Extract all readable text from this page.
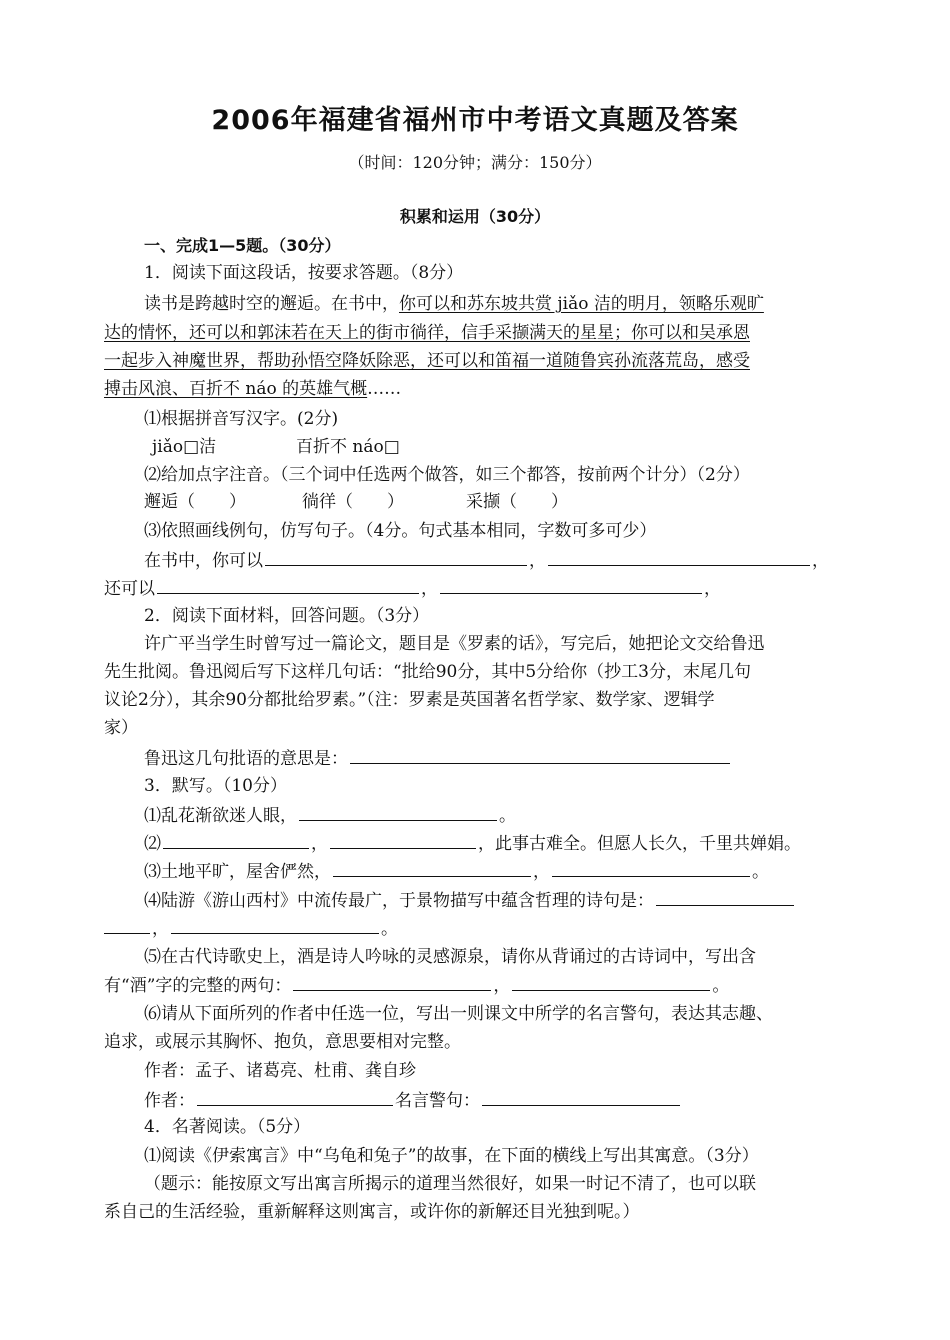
2006年福建省福州市中考语文真题及答案
（时间：120分钟；满分：150分）
积累和运用（30分）
一、完成1—5题。（30分）
1．阅读下面这段话，按要求答题。（8分）
读书是跨越时空的邂逅。在书中，你可以和苏东坡共赏 jiǎo 洁的明月，领略乐观旷
达的情怀，还可以和郭沫若在天上的街市徜徉，信手采撷满天的星星；你可以和吴承恩
一起步入神魔世界，帮助孙悟空降妖除恶，还可以和笛福一道随鲁宾孙流落荒岛，感受
搏击风浪、百折不 náo 的英雄气概……
⑴根据拼音写汉字。(2分)
jiǎo□洁	百折不 náo□
⑵给加点字注音。（三个词中任选两个做答，如三个都答，按前两个计分）（2分）
邂逅（　　）	徜徉（　　）	采撷（　　）
⑶依照画线例句，仿写句子。（4分。句式基本相同，字数可多可少）
在书中，你可以	，	，
还可以	，	，
2．阅读下面材料，回答问题。（3分）
许广平当学生时曾写过一篇论文，题目是《罗素的话》，写完后，她把论文交给鲁迅
先生批阅。鲁迅阅后写下这样几句话：“批给90分，其中5分给你（抄工3分，末尾几句
议论2分），其余90分都批给罗素。”（注：罗素是英国著名哲学家、数学家、逻辑学
家）
鲁迅这几句批语的意思是：
3．默写。（10分）
⑴乱花渐欲迷人眼，	。
⑵	，	，此事古难全。但愿人长久，千里共婵娟。
⑶土地平旷，屋舍俨然，	，	。
⑷陆游《游山西村》中流传最广，于景物描写中蕴含哲理的诗句是：
，	。
⑸在古代诗歌史上，酒是诗人吟咏的灵感源泉，请你从背诵过的古诗词中，写出含
有“酒”字的完整的两句：	，	。
⑹请从下面所列的作者中任选一位，写出一则课文中所学的名言警句，表达其志趣、
追求，或展示其胸怀、抱负，意思要相对完整。
作者：孟子、诸葛亮、杜甫、龚自珍
作者：	名言警句：
4．名著阅读。（5分）
⑴阅读《伊索寓言》中“乌龟和兔子”的故事，在下面的横线上写出其寓意。（3分）
（题示：能按原文写出寓言所揭示的道理当然很好，如果一时记不清了，也可以联
系自己的生活经验，重新解释这则寓言，或许你的新解还目光独到呢。）
